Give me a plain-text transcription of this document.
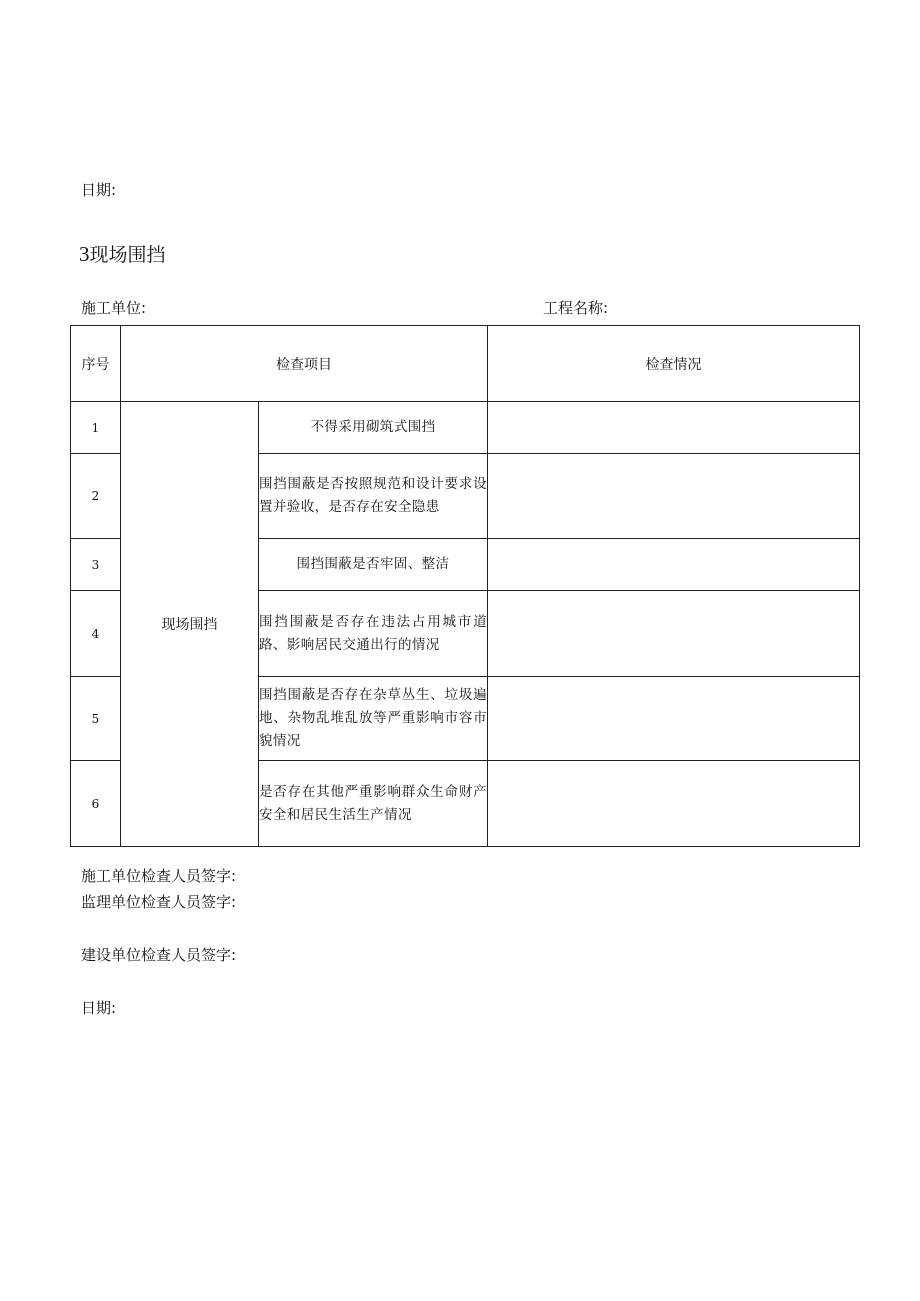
日期:
3现场围挡
施工单位:	工程名称:
序号	检查项目		检查情况
1	现场围挡	不得采用砌筑式围挡	
2		围挡围蔽是否按照规范和设计要求设置并验收，是否存在安全隐患	
3		围挡围蔽是否牢固、整洁	
4		围挡围蔽是否存在违法占用城市道路、影响居民交通出行的情况	
5		围挡围蔽是否存在杂草丛生、垃圾遍地、杂物乱堆乱放等严重影响市容市貌情况	
6		是否存在其他严重影响群众生命财产安全和居民生活生产情况	
施工单位检查人员签字:
监理单位检查人员签字:
建设单位检查人员签字:
日期:
